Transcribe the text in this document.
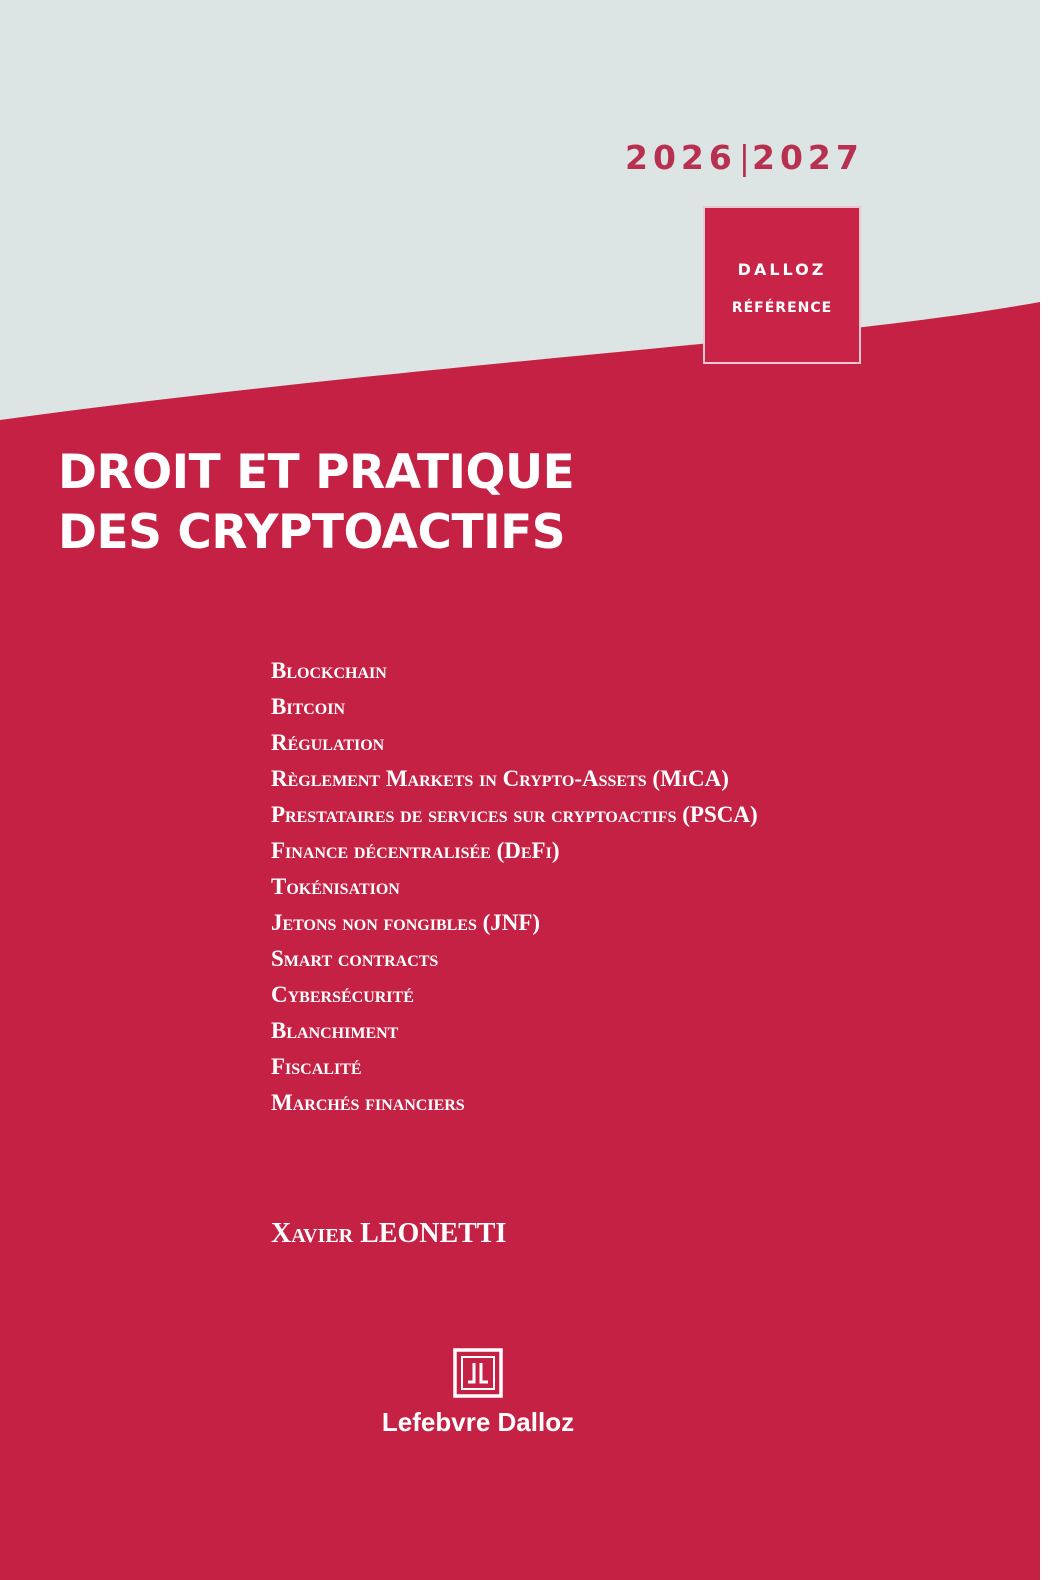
2026|2027
DALLOZ
RÉFÉRENCE
DROIT ET PRATIQUE
DES CRYPTOACTIFS
Blockchain
Bitcoin
Régulation
Règlement Markets in Crypto-Assets (MiCA)
Prestataires de services sur cryptoactifs (PSCA)
Finance décentralisée (DeFi)
Tokénisation
Jetons non fongibles (JNF)
Smart contracts
Cybersécurité
Blanchiment
Fiscalité
Marchés financiers
Xavier LEONETTI
Lefebvre Dalloz
